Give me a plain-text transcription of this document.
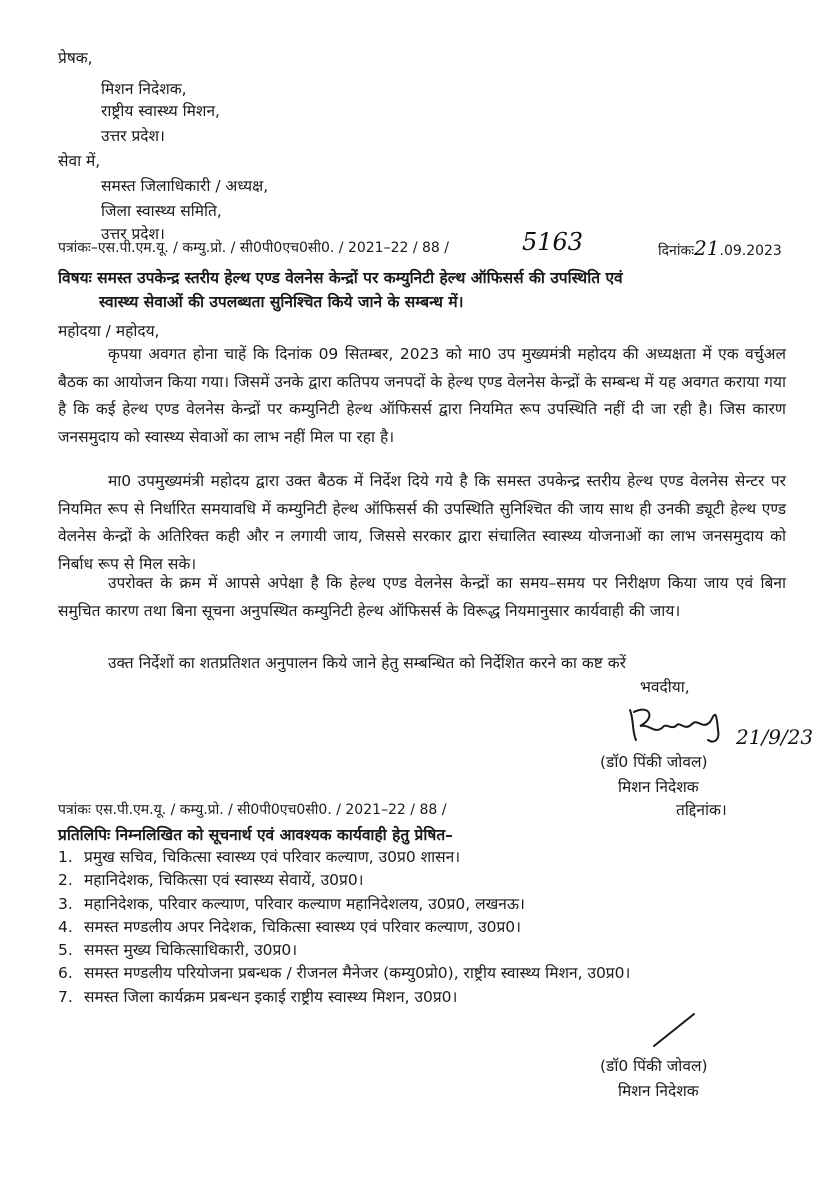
प्रेषक,
मिशन निदेशक,
राष्ट्रीय स्वास्थ्य मिशन,
उत्तर प्रदेश।
सेवा में,
समस्त जिलाधिकारी / अध्यक्ष,
जिला स्वास्थ्य समिति,
उत्तर प्रदेश।
पत्रांकः–एस.पी.एम.यू. / कम्यु.प्रो. / सी0पी0एच0सी0. / 2021–22 / 88 /	5163	दिनांकः21.09.2023
विषयः समस्त उपकेन्द्र स्तरीय हेल्थ एण्ड वेलनेस केन्द्रों पर कम्युनिटी हेल्थ ऑफिसर्स की उपस्थिति एवं
स्वास्थ्य सेवाओं की उपलब्धता सुनिश्चित किये जाने के सम्बन्ध में।
महोदया / महोदय,

कृपया अवगत होना चाहें कि दिनांक 09 सितम्बर, 2023 को मा0 उप मुख्यमंत्री महोदय की अध्यक्षता में एक वर्चुअल बैठक का आयोजन किया गया। जिसमें उनके द्वारा कतिपय जनपदों के हेल्थ एण्ड वेलनेस केन्द्रों के सम्बन्ध में यह अवगत कराया गया है कि कई हेल्थ एण्ड वेलनेस केन्द्रों पर कम्युनिटी हेल्थ ऑफिसर्स द्वारा नियमित रूप उपस्थिति नहीं दी जा रही है। जिस कारण जनसमुदाय को स्वास्थ्य सेवाओं का लाभ नहीं मिल पा रहा है।

मा0 उपमुख्यमंत्री महोदय द्वारा उक्त बैठक में निर्देश दिये गये है कि समस्त उपकेन्द्र स्तरीय हेल्थ एण्ड वेलनेस सेन्टर पर नियमित रूप से निर्धारित समयावधि में कम्युनिटी हेल्थ ऑफिसर्स की उपस्थिति सुनिश्चित की जाय साथ ही उनकी ड्यूटी हेल्थ एण्ड वेलनेस केन्द्रों के अतिरिक्त कही और न लगायी जाय, जिससे सरकार द्वारा संचालित स्वास्थ्य योजनाओं का लाभ जनसमुदाय को निर्बाध रूप से मिल सके।

उपरोक्त के क्रम में आपसे अपेक्षा है कि हेल्थ एण्ड वेलनेस केन्द्रों का समय–समय पर निरीक्षण किया जाय एवं बिना समुचित कारण तथा बिना सूचना अनुपस्थित कम्युनिटी हेल्थ ऑफिसर्स के विरूद्ध नियमानुसार कार्यवाही की जाय।

उक्त निर्देशों का शतप्रतिशत अनुपालन किये जाने हेतु सम्बन्धित को निर्देशित करने का कष्ट करें

भवदीया,
21/9/23
(डॉ0 पिंकी जोवल)
मिशन निदेशक
पत्रांकः एस.पी.एम.यू. / कम्यु.प्रो. / सी0पी0एच0सी0. / 2021–22 / 88 /	तद्दिनांक।
प्रतिलिपिः निम्नलिखित को सूचनार्थ एवं आवश्यक कार्यवाही हेतु प्रेषित–
1. प्रमुख सचिव, चिकित्सा स्वास्थ्य एवं परिवार कल्याण, उ0प्र0 शासन।
2. महानिदेशक, चिकित्सा एवं स्वास्थ्य सेवायें, उ0प्र0।
3. महानिदेशक, परिवार कल्याण, परिवार कल्याण महानिदेशलय, उ0प्र0, लखनऊ।
4. समस्त मण्डलीय अपर निदेशक, चिकित्सा स्वास्थ्य एवं परिवार कल्याण, उ0प्र0।
5. समस्त मुख्य चिकित्साधिकारी, उ0प्र0।
6. समस्त मण्डलीय परियोजना प्रबन्धक / रीजनल मैनेजर (कम्यु0प्रो0), राष्ट्रीय स्वास्थ्य मिशन, उ0प्र0।
7. समस्त जिला कार्यक्रम प्रबन्धन इकाई राष्ट्रीय स्वास्थ्य मिशन, उ0प्र0।
(डॉ0 पिंकी जोवल)
मिशन निदेशक
